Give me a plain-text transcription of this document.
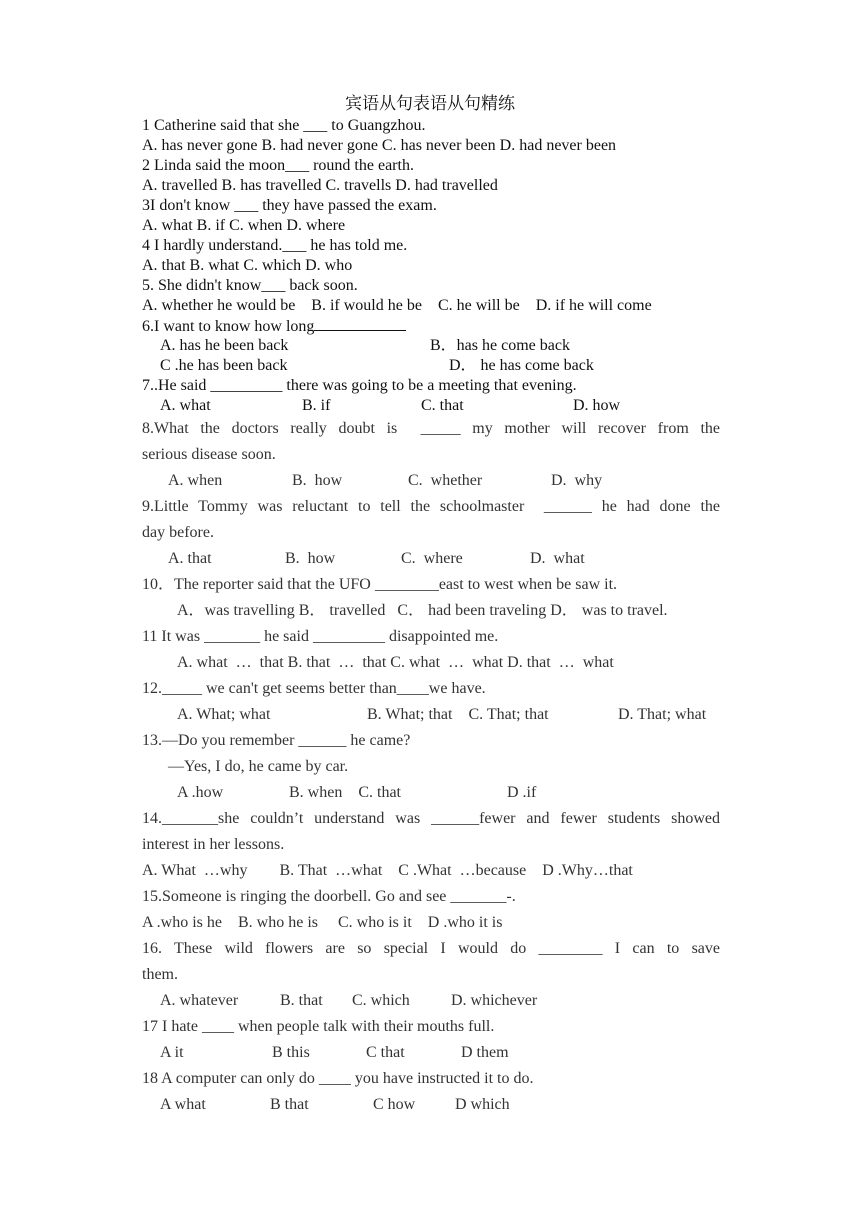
宾语从句表语从句精练
1 Catherine said that she ___ to Guangzhou.
A. has never gone B. had never gone C. has never been D. had never been
2 Linda said the moon___ round the earth.
A. travelled B. has travelled C. travells D. had travelled
3I don't know ___ they have passed the exam.
A. what B. if C. when D. where
4 I hardly understand.___ he has told me.
A. that B. what C. which D. who
5. She didn't know___ back soon.
A. whether he would be    B. if would he be    C. he will be    D. if he will come
6.I want to know how long
A. has he been back	B．has he come back
C .he has been back	D． he has come back
7..He said _________ there was going to be a meeting that evening.
A. what	B. if	C. that	D. how
8.What the doctors really doubt is  _____ my mother will recover from the
serious disease soon.
A. when	B.  how	C.  whether	D.  why
9.Little Tommy was reluctant to tell the schoolmaster  ______ he had done the
day before.
A. that	B.  how	C.  where	D.  what
10．The reporter said that the UFO ________east to west when be saw it.
A．was travelling B． travelled   C． had been traveling D． was to travel.
11 It was _______ he said _________ disappointed me.
A. what  …  that B. that  …  that C. what  …  what D. that  …  what
12._____ we can't get seems better than____we have.
A. What; what	B. What; that    C. That; that	D. That; what
13.—Do you remember ______ he came?
—Yes, I do, he came by car.
A .how	B. when    C. that	D .if
14._______she couldn’t understand was ______fewer and fewer students showed
interest in her lessons.
A. What  …why        B. That  …what    C .What  …because    D .Why…that
15.Someone is ringing the doorbell. Go and see _______-.
A .who is he    B. who he is     C. who is it    D .who it is
16. These wild flowers are so special I would do ________ I can to save
them.
A. whatever	B. that	C. which	D. whichever
17 I hate ____ when people talk with their mouths full.
A it	B this	C that	D them
18 A computer can only do ____ you have instructed it to do.
A what	B that	C how	D which
